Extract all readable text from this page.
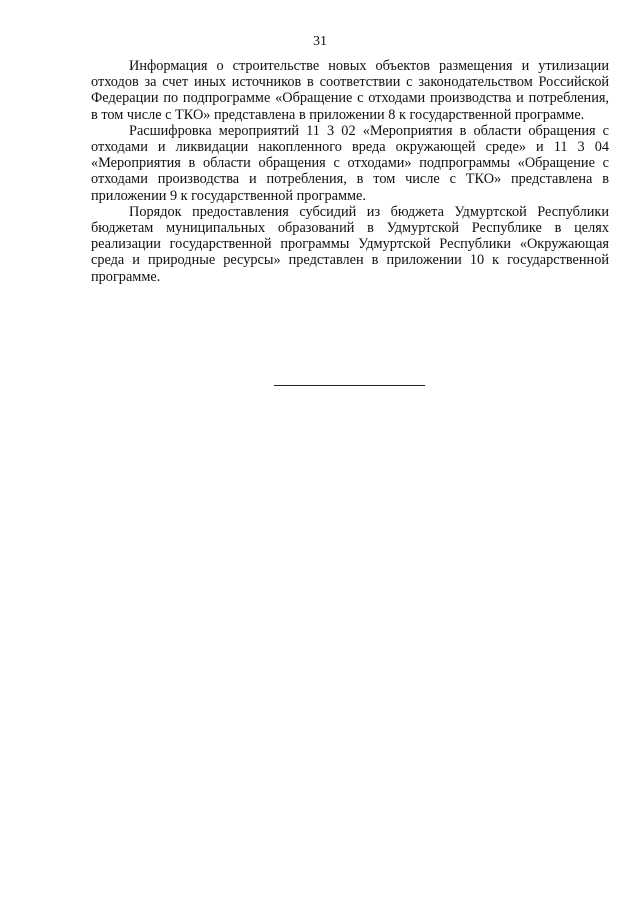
31

Информация о строительстве новых объектов размещения и утилизации отходов за счет иных источников в соответствии с законодательством Российской Федерации по подпрограмме «Обращение с отходами производства и потребления, в том числе с ТКО» представлена в приложении 8 к государственной программе.

Расшифровка мероприятий 11 3 02 «Мероприятия в области обращения с отходами и ликвидации накопленного вреда окружающей среде» и 11 3 04 «Мероприятия в области обращения с отходами» подпрограммы «Обращение с отходами производства и потребления, в том числе с ТКО» представлена в приложении 9 к государственной программе.

Порядок предоставления субсидий из бюджета Удмуртской Республики бюджетам муниципальных образований в Удмуртской Республике в целях реализации государственной программы Удмуртской Республики «Окружающая среда и природные ресурсы» представлен в приложении 10 к государственной программе.
